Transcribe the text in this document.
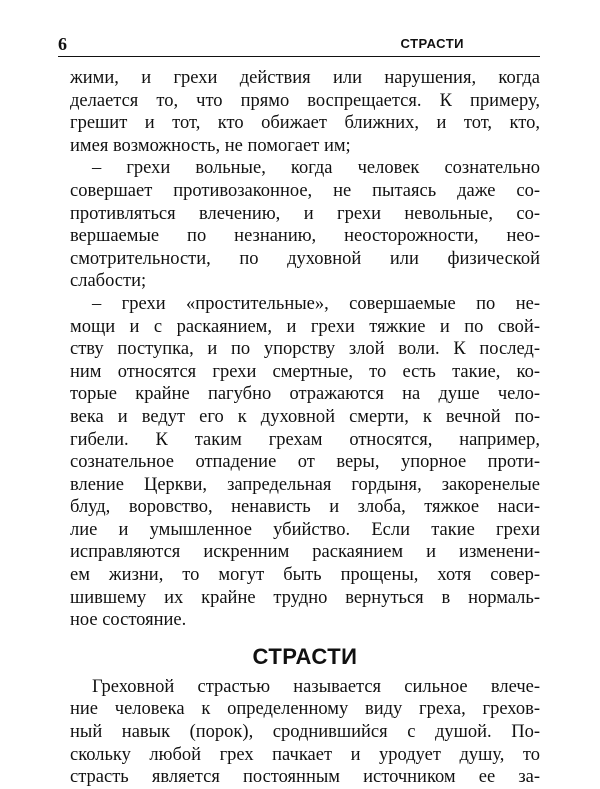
6	СТРАСТИ
жими, и грехи действия или нарушения, когда
делается то, что прямо воспрещается. К примеру,
грешит и тот, кто обижает ближних, и тот, кто,
имея возможность, не помогает им;
– грехи вольные, когда человек сознательно
совершает противозаконное, не пытаясь даже со-
противляться влечению, и грехи невольные, со-
вершаемые по незнанию, неосторожности, нео-
смотрительности, по духовной или физической
слабости;
– грехи «простительные», совершаемые по не-
мощи и с раскаянием, и грехи тяжкие и по свой-
ству поступка, и по упорству злой воли. К послед-
ним относятся грехи смертные, то есть такие, ко-
торые крайне пагубно отражаются на душе чело-
века и ведут его к духовной смерти, к вечной по-
гибели. К таким грехам относятся, например,
сознательное отпадение от веры, упорное проти-
вление Церкви, запредельная гордыня, закоренелые
блуд, воровство, ненависть и злоба, тяжкое наси-
лие и умышленное убийство. Если такие грехи
исправляются искренним раскаянием и изменени-
ем жизни, то могут быть прощены, хотя совер-
шившему их крайне трудно вернуться в нормаль-
ное состояние.
СТРАСТИ
Греховной страстью называется сильное влече-
ние человека к определенному виду греха, грехов-
ный навык (порок), сроднившийся с душой. По-
скольку любой грех пачкает и уродует душу, то
страсть является постоянным источником ее за-
